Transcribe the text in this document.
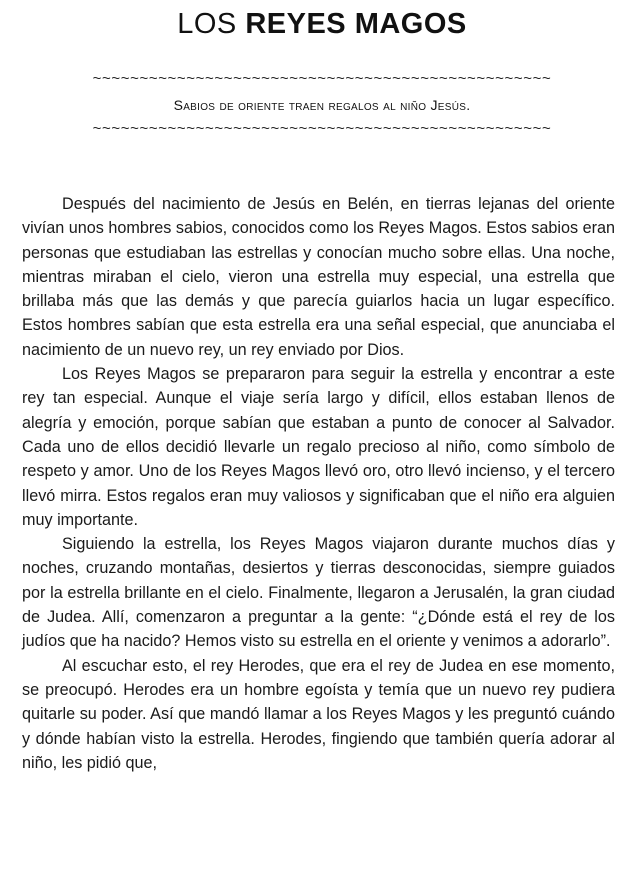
LOS REYES MAGOS
~~~~~~~~~~~~~~~~~~~~~~~~~~~~~~~~~~~~~~~~~~~~~~~~~
Sabios de oriente traen regalos al niño Jesús.
~~~~~~~~~~~~~~~~~~~~~~~~~~~~~~~~~~~~~~~~~~~~~~~~~

Después del nacimiento de Jesús en Belén, en tierras lejanas del oriente vivían unos hombres sabios, conocidos como los Reyes Magos. Estos sabios eran personas que estudiaban las estrellas y conocían mucho sobre ellas. Una noche, mientras miraban el cielo, vieron una estrella muy especial, una estrella que brillaba más que las demás y que parecía guiarlos hacia un lugar específico. Estos hombres sabían que esta estrella era una señal especial, que anunciaba el nacimiento de un nuevo rey, un rey enviado por Dios.

Los Reyes Magos se prepararon para seguir la estrella y encontrar a este rey tan especial. Aunque el viaje sería largo y difícil, ellos estaban llenos de alegría y emoción, porque sabían que estaban a punto de conocer al Salvador. Cada uno de ellos decidió llevarle un regalo precioso al niño, como símbolo de respeto y amor. Uno de los Reyes Magos llevó oro, otro llevó incienso, y el tercero llevó mirra. Estos regalos eran muy valiosos y significaban que el niño era alguien muy importante.

Siguiendo la estrella, los Reyes Magos viajaron durante muchos días y noches, cruzando montañas, desiertos y tierras desconocidas, siempre guiados por la estrella brillante en el cielo. Finalmente, llegaron a Jerusalén, la gran ciudad de Judea. Allí, comenzaron a preguntar a la gente: “¿Dónde está el rey de los judíos que ha nacido? Hemos visto su estrella en el oriente y venimos a adorarlo”.

Al escuchar esto, el rey Herodes, que era el rey de Judea en ese momento, se preocupó. Herodes era un hombre egoísta y temía que un nuevo rey pudiera quitarle su poder. Así que mandó llamar a los Reyes Magos y les preguntó cuándo y dónde habían visto la estrella. Herodes, fingiendo que también quería adorar al niño, les pidió que,
